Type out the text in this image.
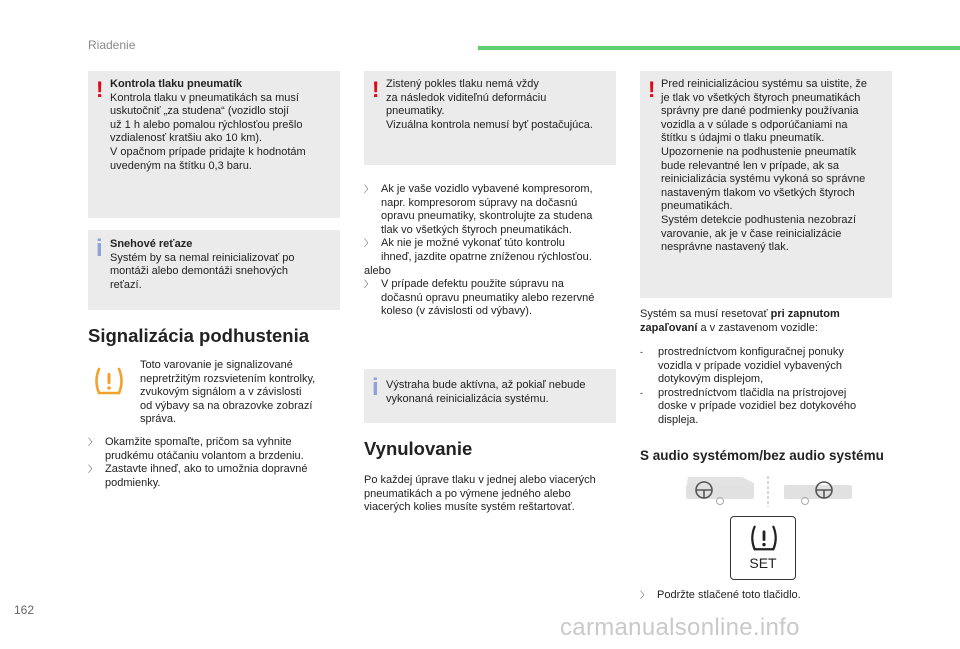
Riadenie
! Kontrola tlaku pneumatík
Kontrola tlaku v pneumatikách sa musí
uskutočniť „za studena“ (vozidlo stojí
už 1 h alebo pomalou rýchlosťou prešlo
vzdialenosť kratšiu ako 10 km).
V opačnom prípade pridajte k hodnotám
uvedeným na štítku 0,3 baru.
i Snehové reťaze
Systém by sa nemal reinicializovať po
montáži alebo demontáži snehových
reťazí.
Signalizácia podhustenia
Toto varovanie je signalizované
nepretržitým rozsvietením kontrolky,
zvukovým signálom a v závislosti
od výbavy sa na obrazovke zobrazí
správa.
〉 Okamžite spomaľte, pričom sa vyhnite
prudkému otáčaniu volantom a brzdeniu.
〉 Zastavte ihneď, ako to umožnia dopravné
podmienky.
! Zistený pokles tlaku nemá vždy
za následok viditeľnú deformáciu
pneumatiky.
Vizuálna kontrola nemusí byť postačujúca.
〉 Ak je vaše vozidlo vybavené kompresorom,
napr. kompresorom súpravy na dočasnú
opravu pneumatiky, skontrolujte za studena
tlak vo všetkých štyroch pneumatikách.
〉 Ak nie je možné vykonať túto kontrolu
ihneď, jazdite opatrne zníženou rýchlosťou.
alebo
〉 V prípade defektu použite súpravu na
dočasnú opravu pneumatiky alebo rezervné
koleso (v závislosti od výbavy).
i Výstraha bude aktívna, až pokiaľ nebude
vykonaná reinicializácia systému.
Vynulovanie
Po každej úprave tlaku v jednej alebo viacerých
pneumatikách a po výmene jedného alebo
viacerých kolies musíte systém reštartovať.
! Pred reinicializáciou systému sa uistite, že
je tlak vo všetkých štyroch pneumatikách
správny pre dané podmienky používania
vozidla a v súlade s odporúčaniami na
štítku s údajmi o tlaku pneumatík.
Upozornenie na podhustenie pneumatík
bude relevantné len v prípade, ak sa
reinicializácia systému vykoná so správne
nastaveným tlakom vo všetkých štyroch
pneumatikách.
Systém detekcie podhustenia nezobrazí
varovanie, ak je v čase reinicializácie
nesprávne nastavený tlak.
Systém sa musí resetovať pri zapnutom
zapaľovaní a v zastavenom vozidle:
- prostredníctvom konfiguračnej ponuky
vozidla v prípade vozidiel vybavených
dotykovým displejom,
- prostredníctvom tlačidla na prístrojovej
doske v prípade vozidiel bez dotykového
displeja.
S audio systémom/bez audio systému
SET
〉 Podržte stlačené toto tlačidlo.
162
carmanualsonline.info
